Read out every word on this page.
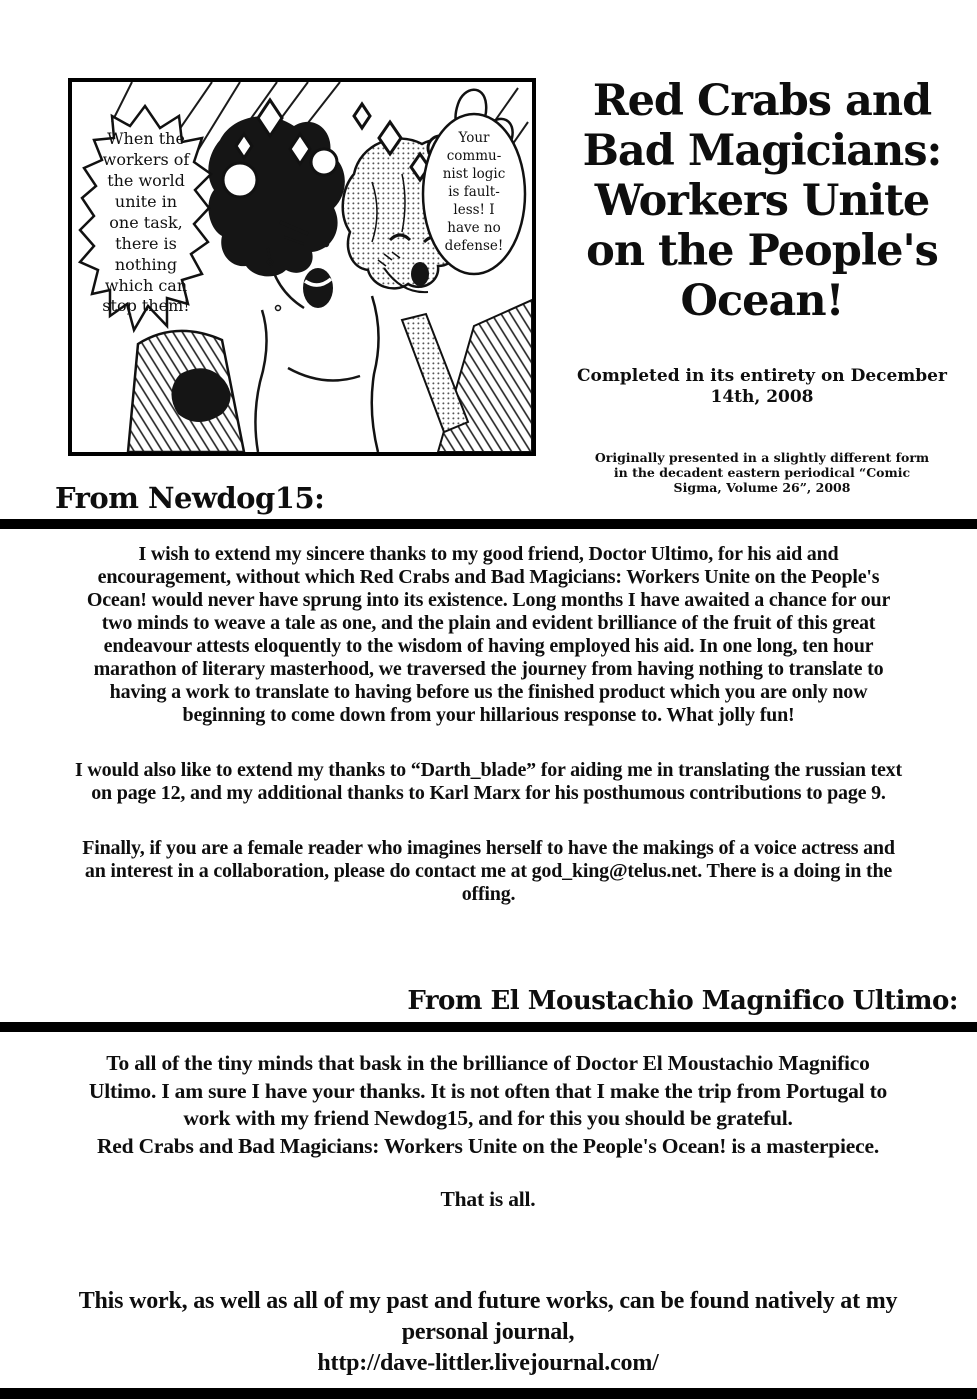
When the
workers of
the world
unite in
one task,
there is
nothing
which can
stop them!
Your
commu-
nist logic
is fault-
less! I
have no
defense!
Red Crabs and
Bad Magicians:
Workers Unite
on the People's
Ocean!
Completed in its entirety on December
14th, 2008
Originally presented in a slightly different form
in the decadent eastern periodical “Comic
Sigma, Volume 26”, 2008
From Newdog15:

I wish to extend my sincere thanks to my good friend, Doctor Ultimo, for his aid and encouragement, without which Red Crabs and Bad Magicians: Workers Unite on the People's Ocean! would never have sprung into its existence. Long months I have awaited a chance for our two minds to weave a tale as one, and the plain and evident brilliance of the fruit of this great endeavour attests eloquently to the wisdom of having employed his aid. In one long, ten hour marathon of literary masterhood, we traversed the journey from having nothing to translate to having a work to translate to having before us the finished product which you are only now beginning to come down from your hillarious response to. What jolly fun!

I would also like to extend my thanks to “Darth_blade” for aiding me in translating the russian text on page 12, and my additional thanks to Karl Marx for his posthumous contributions to page 9.

Finally, if you are a female reader who imagines herself to have the makings of a voice actress and an interest in a collaboration, please do contact me at god_king@telus.net. There is a doing in the offing.

From El Moustachio Magnifico Ultimo:

To all of the tiny minds that bask in the brilliance of Doctor El Moustachio Magnifico Ultimo. I am sure I have your thanks. It is not often that I make the trip from Portugal to work with my friend Newdog15, and for this you should be grateful.

Red Crabs and Bad Magicians: Workers Unite on the People's Ocean! is a masterpiece.

That is all.

This work, as well as all of my past and future works, can be found natively at my personal journal,
http://dave-littler.livejournal.com/
